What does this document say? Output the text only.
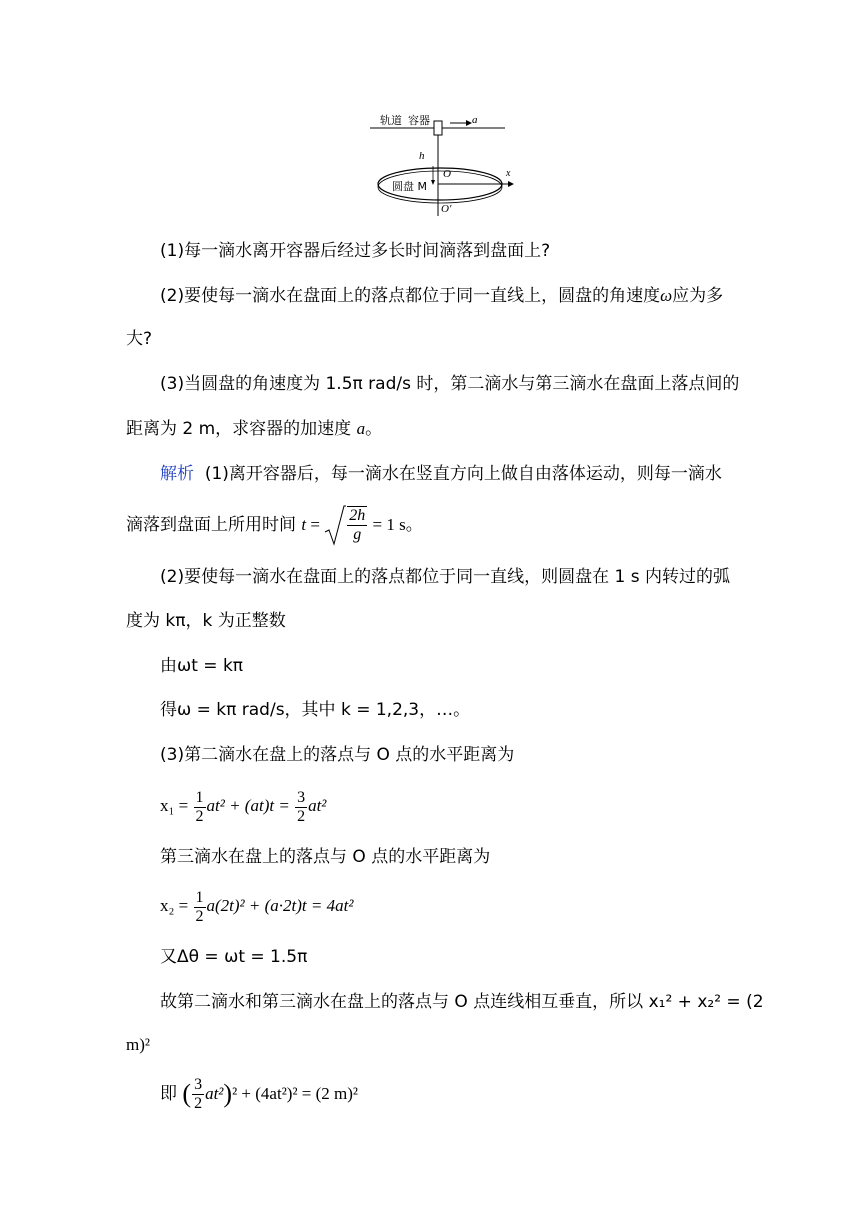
轨道 容器	a
h
O	x
圆盘 M
O′
(1)每一滴水离开容器后经过多长时间滴落到盘面上?
(2)要使每一滴水在盘面上的落点都位于同一直线上，圆盘的角速度ω应为多
大?
(3)当圆盘的角速度为 1.5π rad/s 时，第二滴水与第三滴水在盘面上落点间的
距离为 2 m，求容器的加速度 a。
解析 (1)离开容器后，每一滴水在竖直方向上做自由落体运动，则每一滴水
滴落到盘面上所用时间 $t = \frac{2h}{g} = 1$ s。
(2)要使每一滴水在盘面上的落点都位于同一直线，则圆盘在 1 s 内转过的弧
度为 kπ，k 为正整数
由ωt = kπ
得ω = kπ rad/s，其中 k = 1,2,3，…。
(3)第二滴水在盘上的落点与 O 点的水平距离为
$x_1 = \frac{1}{2} at^2 + (at)t = \frac{3}{2} at^2$
第三滴水在盘上的落点与 O 点的水平距离为
$x_2 = \frac{1}{2} a(2t)^2 + (a\cdot 2t)t = 4at^2$
又Δθ = ωt = 1.5π
故第二滴水和第三滴水在盘上的落点与 O 点连线相互垂直，所以 x₁² + x₂² = (2
m)²
即 ( $\frac{3}{2} at^2)^2 + (4at^2)^2 = (2$ m)²
